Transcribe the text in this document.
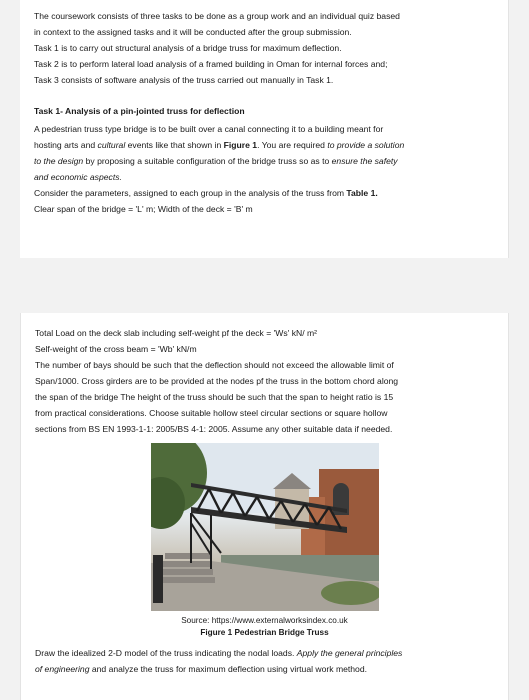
The coursework consists of three tasks to be done as a group work and an individual quiz based

in context to the assigned tasks and it will be conducted after the group submission.

Task 1 is to carry out structural analysis of a bridge truss for maximum deflection.

Task 2 is to perform lateral load analysis of a framed building in Oman for internal forces and;

Task 3 consists of software analysis of the truss carried out manually in Task 1.

Task 1- Analysis of a pin-jointed truss for deflection

A pedestrian truss type bridge is to be built over a canal connecting it to a building meant for

hosting arts and cultural events like that shown in Figure 1. You are required to provide a solution

to the design by proposing a suitable configuration of the bridge truss so as to ensure the safety

and economic aspects.

Consider the parameters, assigned to each group in the analysis of the truss from Table 1.

Clear span of the bridge = 'L' m; Width of the deck = 'B' m

Total Load on the deck slab including self-weight pf the deck = 'Ws' kN/ m²

Self-weight of the cross beam = 'Wb' kN/m

The number of bays should be such that the deflection should not exceed the allowable limit of

Span/1000. Cross girders are to be provided at the nodes pf the truss in the bottom chord along

the span of the bridge The height of the truss should be such that the span to height ratio is 15

from practical considerations. Choose suitable hollow steel circular sections or square hollow

sections from BS EN 1993-1-1: 2005/BS 4-1: 2005. Assume any other suitable data if needed.

Source: https://www.externalworksindex.co.uk

Figure 1 Pedestrian Bridge Truss

Draw the idealized 2-D model of the truss indicating the nodal loads. Apply the general principles

of engineering and analyze the truss for maximum deflection using virtual work method.
